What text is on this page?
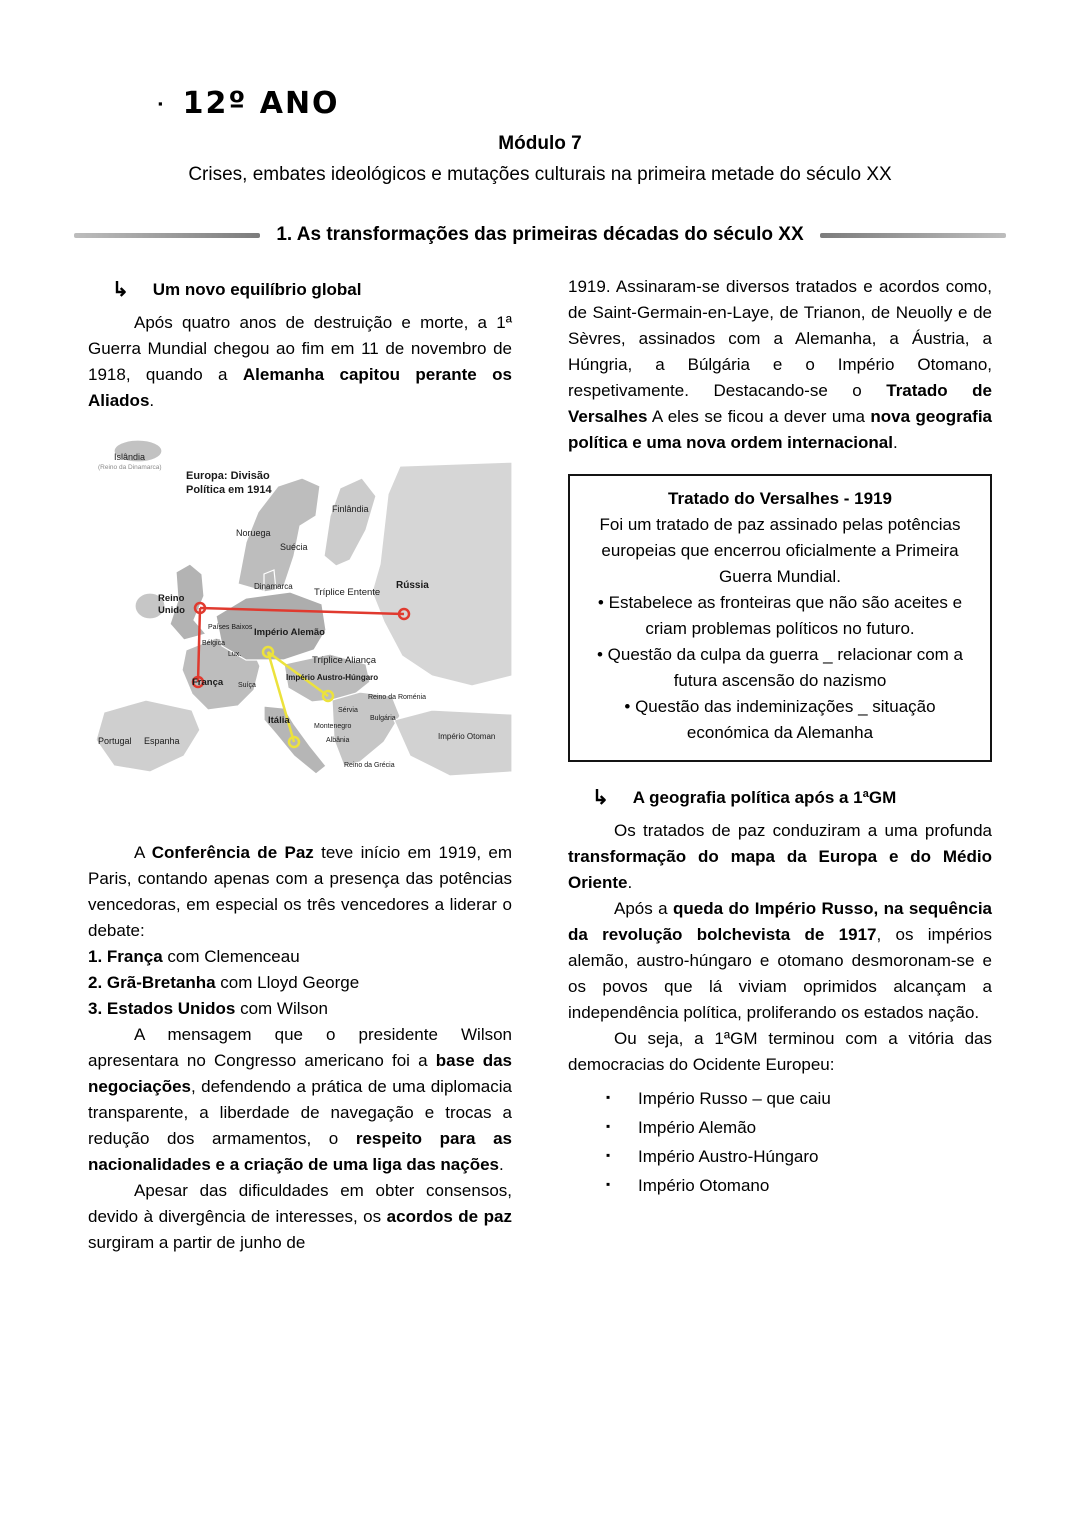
▪ 12º ANO
Módulo 7
Crises, embates ideológicos e mutações culturais na primeira metade do século XX
1. As transformações das primeiras décadas do século XX
↳ Um novo equilíbrio global

Após quatro anos de destruição e morte, a 1ª Guerra Mundial chegou ao fim em 11 de novembro de 1918, quando a Alemanha capitou perante os Aliados.

Islândia
(Reino da Dinamarca)
Europa: Divisão
Política em 1914
Finlândia
Noruega
Suécia
Dinamarca	Rússia
Tríplice Entente
Reino
Unido
Países Baixos
Bélgica
Lux.
Império Alemão
Tríplice Aliança
Império Austro-Húngaro
França Suíça
Reino da Roménia
Sérvia
Bulgária
Itália
Montenegro
Albânia	Império Otoman
Portugal Espanha
Reino da Grécia

A Conferência de Paz teve início em 1919, em Paris, contando apenas com a presença das potências vencedoras, em especial os três vencedores a liderar o debate:

1. França com Clemenceau

2. Grã-Bretanha com Lloyd George

3. Estados Unidos com Wilson

A mensagem que o presidente Wilson apresentara no Congresso americano foi a base das negociações, defendendo a prática de uma diplomacia transparente, a liberdade de navegação e trocas a redução dos armamentos, o respeito para as nacionalidades e a criação de uma liga das nações.

Apesar das dificuldades em obter consensos, devido à divergência de interesses, os acordos de paz surgiram a partir de junho de

1919. Assinaram-se diversos tratados e acordos como, de Saint-Germain-en-Laye, de Trianon, de Neuolly e de Sèvres, assinados com a Alemanha, a Áustria, a Húngria, a Búlgária e o Império Otomano, respetivamente. Destacando-se o Tratado de Versalhes A eles se ficou a dever uma nova geografia política e uma nova ordem internacional.

Tratado do Versalhes - 1919
Foi um tratado de paz assinado pelas potências europeias que encerrou oficialmente a Primeira Guerra Mundial.
• Estabelece as fronteiras que não são aceites e criam problemas políticos no futuro.
• Questão da culpa da guerra _ relacionar com a futura ascensão do nazismo
• Questão das indeminizações _ situação económica da Alemanha
↳ A geografia política após a 1ªGM

Os tratados de paz conduziram a uma profunda transformação do mapa da Europa e do Médio Oriente.

Após a queda do Império Russo, na sequência da revolução bolchevista de 1917, os impérios alemão, austro-húngaro e otomano desmoronam-se e os povos que lá viviam oprimidos alcançam a independência política, proliferando os estados nação.

Ou seja, a 1ªGM terminou com a vitória das democracias do Ocidente Europeu:

▪ Império Russo – que caiu
▪ Império Alemão
▪ Império Austro-Húngaro
▪ Império Otomano
